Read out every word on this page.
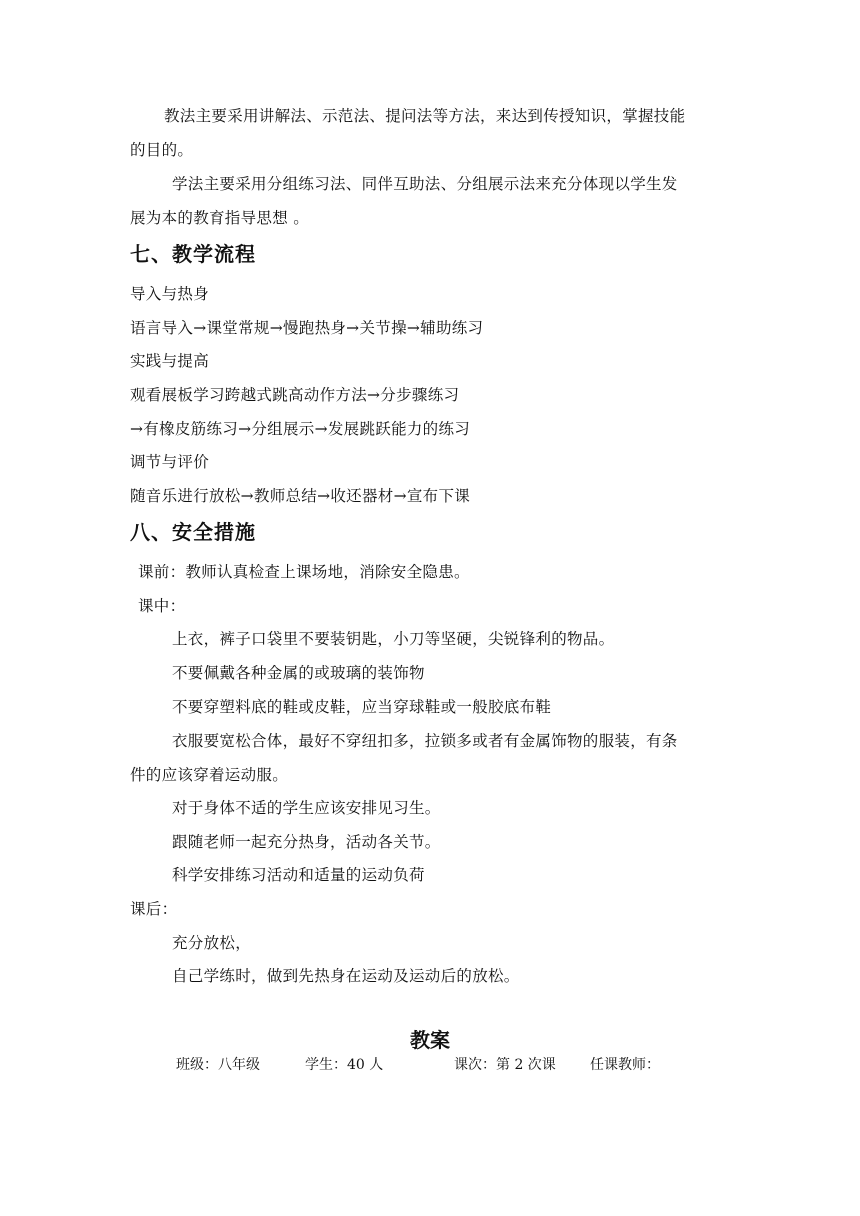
教法主要采用讲解法、示范法、提问法等方法，来达到传授知识，掌握技能
的目的。
学法主要采用分组练习法、同伴互助法、分组展示法来充分体现以学生发
展为本的教育指导思想 。
七、教学流程
导入与热身
语言导入→课堂常规→慢跑热身→关节操→辅助练习
实践与提高
观看展板学习跨越式跳高动作方法→分步骤练习
→有橡皮筋练习→分组展示→发展跳跃能力的练习
调节与评价
随音乐进行放松→教师总结→收还器材→宣布下课
八、安全措施
课前：教师认真检查上课场地，消除安全隐患。
课中：
上衣，裤子口袋里不要装钥匙，小刀等坚硬，尖锐锋利的物品。
不要佩戴各种金属的或玻璃的装饰物
不要穿塑料底的鞋或皮鞋，应当穿球鞋或一般胶底布鞋
衣服要宽松合体，最好不穿纽扣多，拉锁多或者有金属饰物的服装，有条
件的应该穿着运动服。
对于身体不适的学生应该安排见习生。
跟随老师一起充分热身，活动各关节。
科学安排练习活动和适量的运动负荷
课后：
充分放松，
自己学练时，做到先热身在运动及运动后的放松。
教案
班级：八年级	学生：40 人	课次：第 2 次课 任课教师：
